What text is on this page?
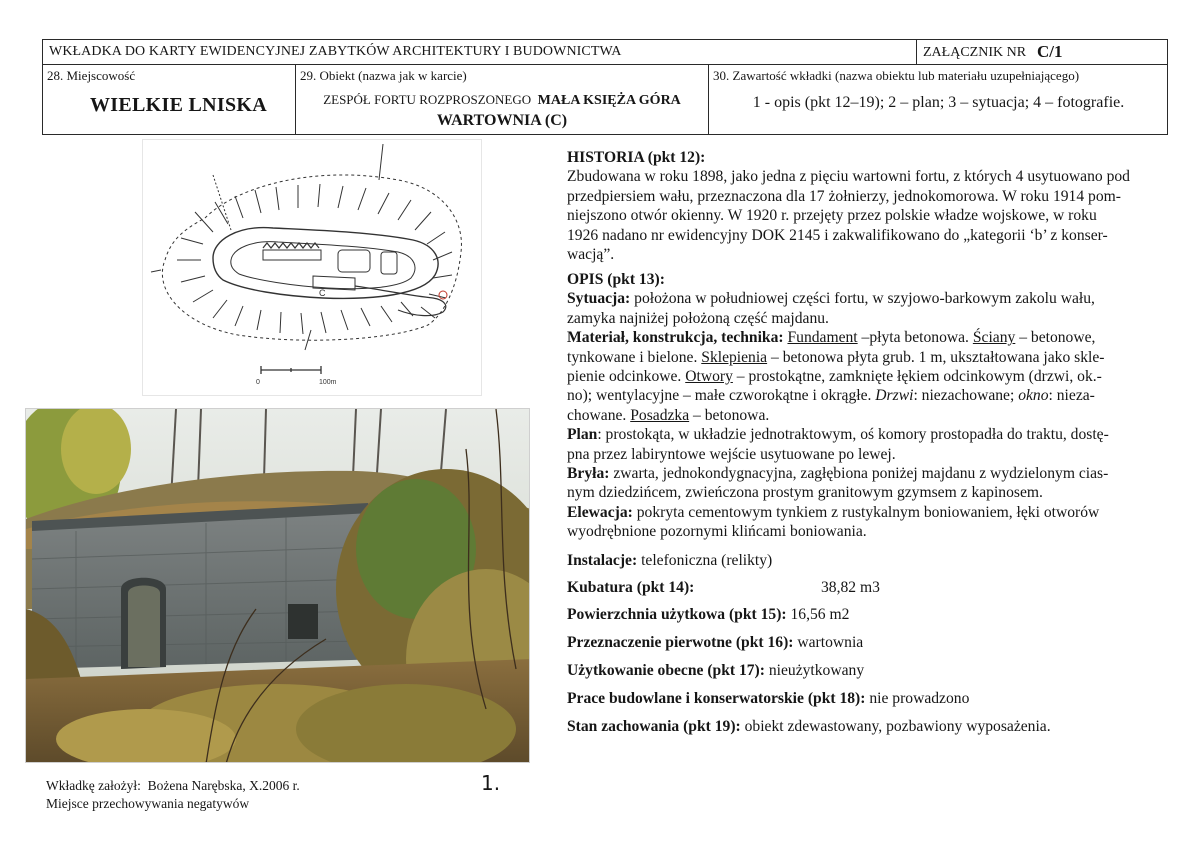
WKŁADKA DO KARTY EWIDENCYJNEJ ZABYTKÓW ARCHITEKTURY I BUDOWNICTWA	ZAŁĄCZNIK NR C/1
28. Miejscowość
WIELKIE LNISKA
29. Obiekt (nazwa jak w karcie)
ZESPÓŁ FORTU ROZPROSZONEGO MAŁA KSIĘŻA GÓRA
WARTOWNIA (C)
30. Zawartość wkładki (nazwa obiektu lub materiału uzupełniającego)
1 - opis (pkt 12–19); 2 – plan; 3 – sytuacja; 4 – fotografie.
C
0	100m
HISTORIA (pkt 12):

Zbudowana w roku 1898, jako jedna z pięciu wartowni fortu, z których 4 usytuowano pod

przedpiersiem wału, przeznaczona dla 17 żołnierzy, jednokomorowa. W roku 1914 pom-

niejszono otwór okienny. W 1920 r. przejęty przez polskie władze wojskowe, w roku

1926 nadano nr ewidencyjny DOK 2145 i zakwalifikowano do „kategorii ‘b’ z konser-

wacją”.

OPIS (pkt 13):

Sytuacja: położona w południowej części fortu, w szyjowo-barkowym zakolu wału,

zamyka najniżej położoną część majdanu.

Materiał, konstrukcja, technika: Fundament –płyta betonowa. Ściany – betonowe,

tynkowane i bielone. Sklepienia – betonowa płyta grub. 1 m, ukształtowana jako skle-

pienie odcinkowe. Otwory – prostokątne, zamknięte łękiem odcinkowym (drzwi, ok.-

no); wentylacyjne – małe czworokątne i okrągłe. Drzwi: niezachowane; okno: nieza-

chowane. Posadzka – betonowa.

Plan: prostokąta, w układzie jednotraktowym, oś komory prostopadła do traktu, dostę-

pna przez labiryntowe wejście usytuowane po lewej.

Bryła: zwarta, jednokondygnacyjna, zagłębiona poniżej majdanu z wydzielonym cias-

nym dziedzińcem, zwieńczona prostym granitowym gzymsem z kapinosem.

Elewacja: pokryta cementowym tynkiem z rustykalnym boniowaniem, łęki otworów

wyodrębnione pozornymi klińcami boniowania.

Instalacje: telefoniczna (relikty)
Kubatura (pkt 14):	38,82 m3
Powierzchnia użytkowa (pkt 15): 16,56 m2
Przeznaczenie pierwotne (pkt 16): wartownia
Użytkowanie obecne (pkt 17): nieużytkowany
Prace budowlane i konserwatorskie (pkt 18): nie prowadzono
Stan zachowania (pkt 19): obiekt zdewastowany, pozbawiony wyposażenia.
Wkładkę założył: Bożena Narębska, X.2006 r.
Miejsce przechowywania negatywów
1.
